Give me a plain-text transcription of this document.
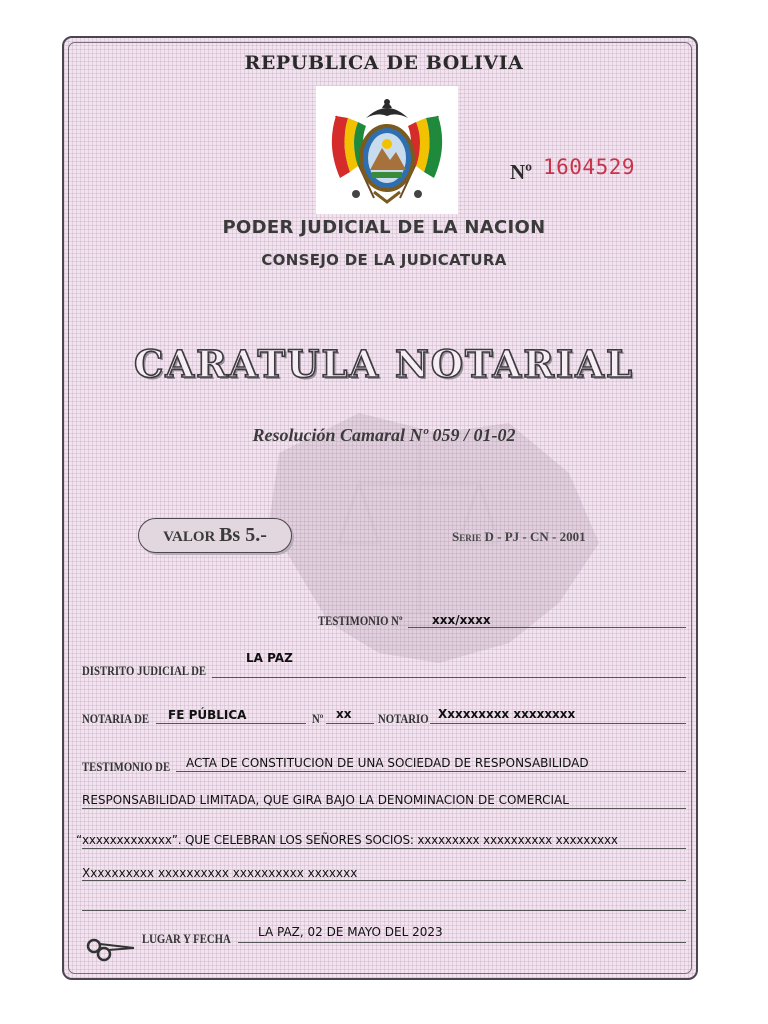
REPUBLICA DE BOLIVIA
Nº 1604529
PODER JUDICIAL DE LA NACION
CONSEJO DE LA JUDICATURA
CARATULA NOTARIAL
Resolución Camaral Nº 059 / 01-02
VALOR Bs 5.-	Serie D - PJ - CN - 2001
TESTIMONIO Nº xxx/xxxx
LA PAZ
DISTRITO JUDICIAL DE
NOTARIA DE FE PÚBLICA	Nº xx NOTARIO Xxxxxxxxx xxxxxxxx
TESTIMONIO DE ACTA DE CONSTITUCION DE UNA SOCIEDAD DE RESPONSABILIDAD
RESPONSABILIDAD LIMITADA, QUE GIRA BAJO LA DENOMINACION DE COMERCIAL
“xxxxxxxxxxxxx”. QUE CELEBRAN LOS SEÑORES SOCIOS: xxxxxxxxx xxxxxxxxxx xxxxxxxxx
Xxxxxxxxxx xxxxxxxxxx xxxxxxxxxx xxxxxxx
LUGAR Y FECHA LA PAZ, 02 DE MAYO DEL 2023
